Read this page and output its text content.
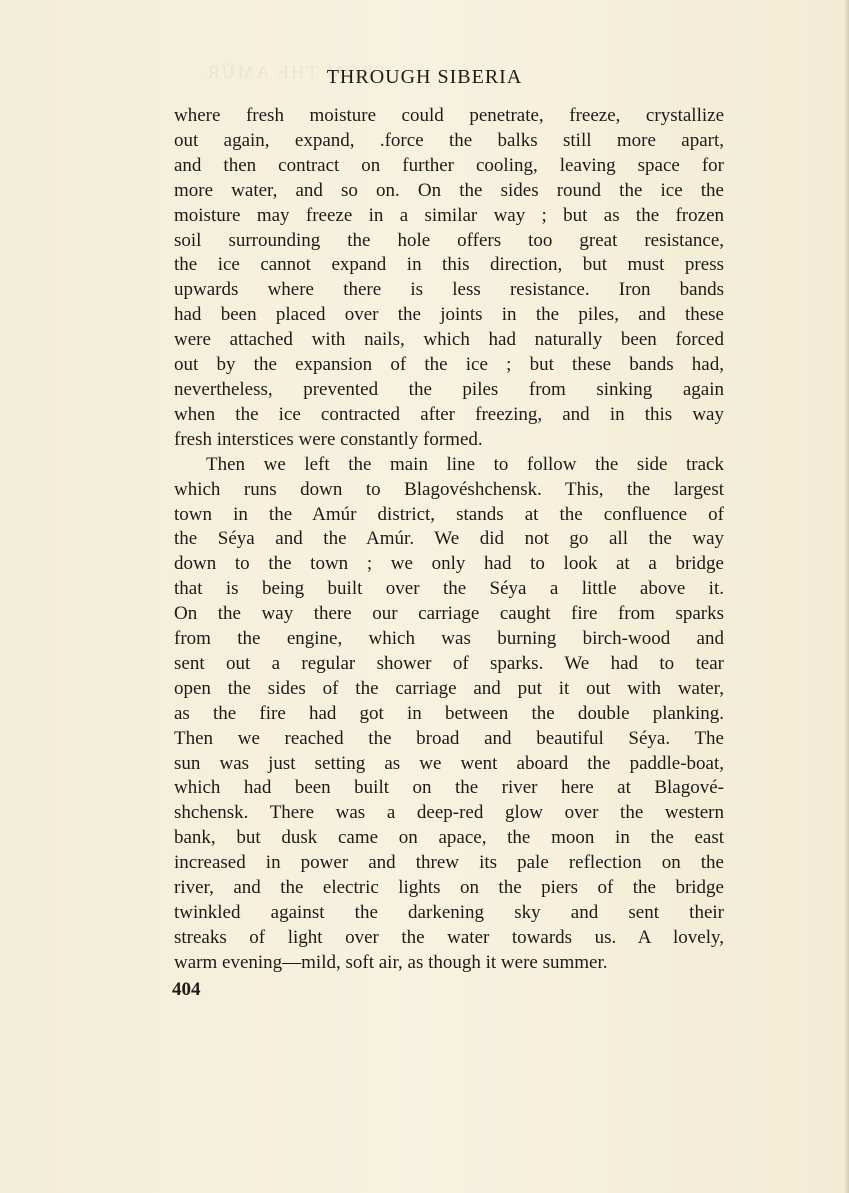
FROM THE AMÚR
THROUGH SIBERIA
where fresh moisture could penetrate, freeze, crystallize
out again, expand, .force the balks still more apart,
and then contract on further cooling, leaving space for
more water, and so on. On the sides round the ice the
moisture may freeze in a similar way ; but as the frozen
soil surrounding the hole offers too great resistance,
the ice cannot expand in this direction, but must press
upwards where there is less resistance. Iron bands
had been placed over the joints in the piles, and these
were attached with nails, which had naturally been forced
out by the expansion of the ice ; but these bands had,
nevertheless, prevented the piles from sinking again
when the ice contracted after freezing, and in this way
fresh interstices were constantly formed.
Then we left the main line to follow the side track
which runs down to Blagovéshchensk. This, the largest
town in the Amúr district, stands at the confluence of
the Séya and the Amúr. We did not go all the way
down to the town ; we only had to look at a bridge
that is being built over the Séya a little above it.
On the way there our carriage caught fire from sparks
from the engine, which was burning birch-wood and
sent out a regular shower of sparks. We had to tear
open the sides of the carriage and put it out with water,
as the fire had got in between the double planking.
Then we reached the broad and beautiful Séya. The
sun was just setting as we went aboard the paddle-boat,
which had been built on the river here at Blagové-
shchensk. There was a deep-red glow over the western
bank, but dusk came on apace, the moon in the east
increased in power and threw its pale reflection on the
river, and the electric lights on the piers of the bridge
twinkled against the darkening sky and sent their
streaks of light over the water towards us. A lovely,
warm evening—mild, soft air, as though it were summer.
404
